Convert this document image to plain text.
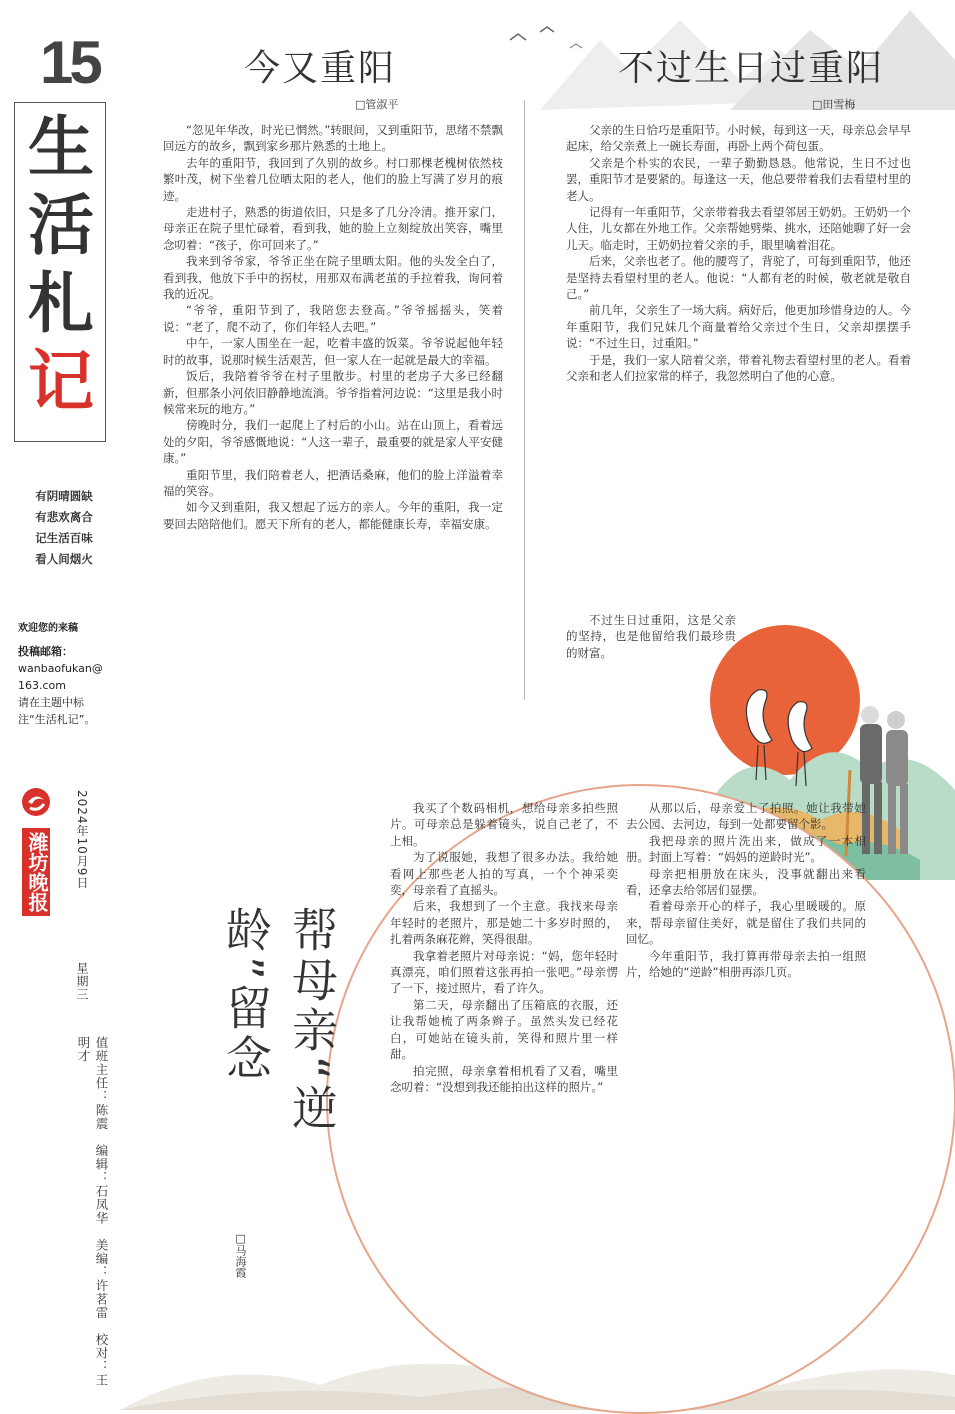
15
生
活
札
记
有阴晴圆缺
有悲欢离合
记生活百味
看人间烟火
欢迎您的来稿
投稿邮箱：
wanbaofukan@163.com
请在主题中标注“生活札记”。
潍坊晚报 2024年10月9日
星期三
值班主任：陈震　编辑：石凤华　美编：许茗雷　校对：王明才
今又重阳
□管淑平

“忽见年华改，时光已惘然。”转眼间，又到重阳节，思绪不禁飘回远方的故乡，飘到家乡那片熟悉的土地上。

去年的重阳节，我回到了久别的故乡。村口那棵老槐树依然枝繁叶茂，树下坐着几位晒太阳的老人，他们的脸上写满了岁月的痕迹。

走进村子，熟悉的街道依旧，只是多了几分冷清。推开家门，母亲正在院子里忙碌着，看到我，她的脸上立刻绽放出笑容，嘴里念叨着：“孩子，你可回来了。”

我来到爷爷家，爷爷正坐在院子里晒太阳。他的头发全白了，看到我，他放下手中的拐杖，用那双布满老茧的手拉着我，询问着我的近况。

“爷爷，重阳节到了，我陪您去登高。”爷爷摇摇头，笑着说：“老了，爬不动了，你们年轻人去吧。”

中午，一家人围坐在一起，吃着丰盛的饭菜。爷爷说起他年轻时的故事，说那时候生活艰苦，但一家人在一起就是最大的幸福。

饭后，我陪着爷爷在村子里散步。村里的老房子大多已经翻新，但那条小河依旧静静地流淌。爷爷指着河边说：“这里是我小时候常来玩的地方。”

傍晚时分，我们一起爬上了村后的小山。站在山顶上，看着远处的夕阳，爷爷感慨地说：“人这一辈子，最重要的就是家人平安健康。”

重阳节里，我们陪着老人，把酒话桑麻，他们的脸上洋溢着幸福的笑容。

如今又到重阳，我又想起了远方的亲人。今年的重阳，我一定要回去陪陪他们。愿天下所有的老人，都能健康长寿，幸福安康。

不过生日过重阳
□田雪梅

父亲的生日恰巧是重阳节。小时候，每到这一天，母亲总会早早起床，给父亲煮上一碗长寿面，再卧上两个荷包蛋。

父亲是个朴实的农民，一辈子勤勤恳恳。他常说，生日不过也罢，重阳节才是要紧的。每逢这一天，他总要带着我们去看望村里的老人。

记得有一年重阳节，父亲带着我去看望邻居王奶奶。王奶奶一个人住，儿女都在外地工作。父亲帮她劈柴、挑水，还陪她聊了好一会儿天。临走时，王奶奶拉着父亲的手，眼里噙着泪花。

后来，父亲也老了。他的腰弯了，背驼了，可每到重阳节，他还是坚持去看望村里的老人。他说：“人都有老的时候，敬老就是敬自己。”

前几年，父亲生了一场大病。病好后，他更加珍惜身边的人。今年重阳节，我们兄妹几个商量着给父亲过个生日，父亲却摆摆手说：“不过生日，过重阳。”

于是，我们一家人陪着父亲，带着礼物去看望村里的老人。看着父亲和老人们拉家常的样子，我忽然明白了他的心意。

不过生日过重阳，这是父亲的坚持，也是他留给我们最珍贵的财富。

帮母亲“逆龄”留念
□马海霞

我买了个数码相机，想给母亲多拍些照片。可母亲总是躲着镜头，说自己老了，不上相。

为了说服她，我想了很多办法。我给她看网上那些老人拍的写真，一个个神采奕奕，母亲看了直摇头。

后来，我想到了一个主意。我找来母亲年轻时的老照片，那是她二十多岁时照的，扎着两条麻花辫，笑得很甜。

我拿着老照片对母亲说：“妈，您年轻时真漂亮，咱们照着这张再拍一张吧。”母亲愣了一下，接过照片，看了许久。

第二天，母亲翻出了压箱底的衣服，还让我帮她梳了两条辫子。虽然头发已经花白，可她站在镜头前，笑得和照片里一样甜。

拍完照，母亲拿着相机看了又看，嘴里念叨着：“没想到我还能拍出这样的照片。”

从那以后，母亲爱上了拍照。她让我带她去公园、去河边，每到一处都要留个影。

我把母亲的照片洗出来，做成了一本相册。封面上写着：“妈妈的逆龄时光”。

母亲把相册放在床头，没事就翻出来看看，还拿去给邻居们显摆。

看着母亲开心的样子，我心里暖暖的。原来，帮母亲留住美好，就是留住了我们共同的回忆。

今年重阳节，我打算再带母亲去拍一组照片，给她的“逆龄”相册再添几页。
